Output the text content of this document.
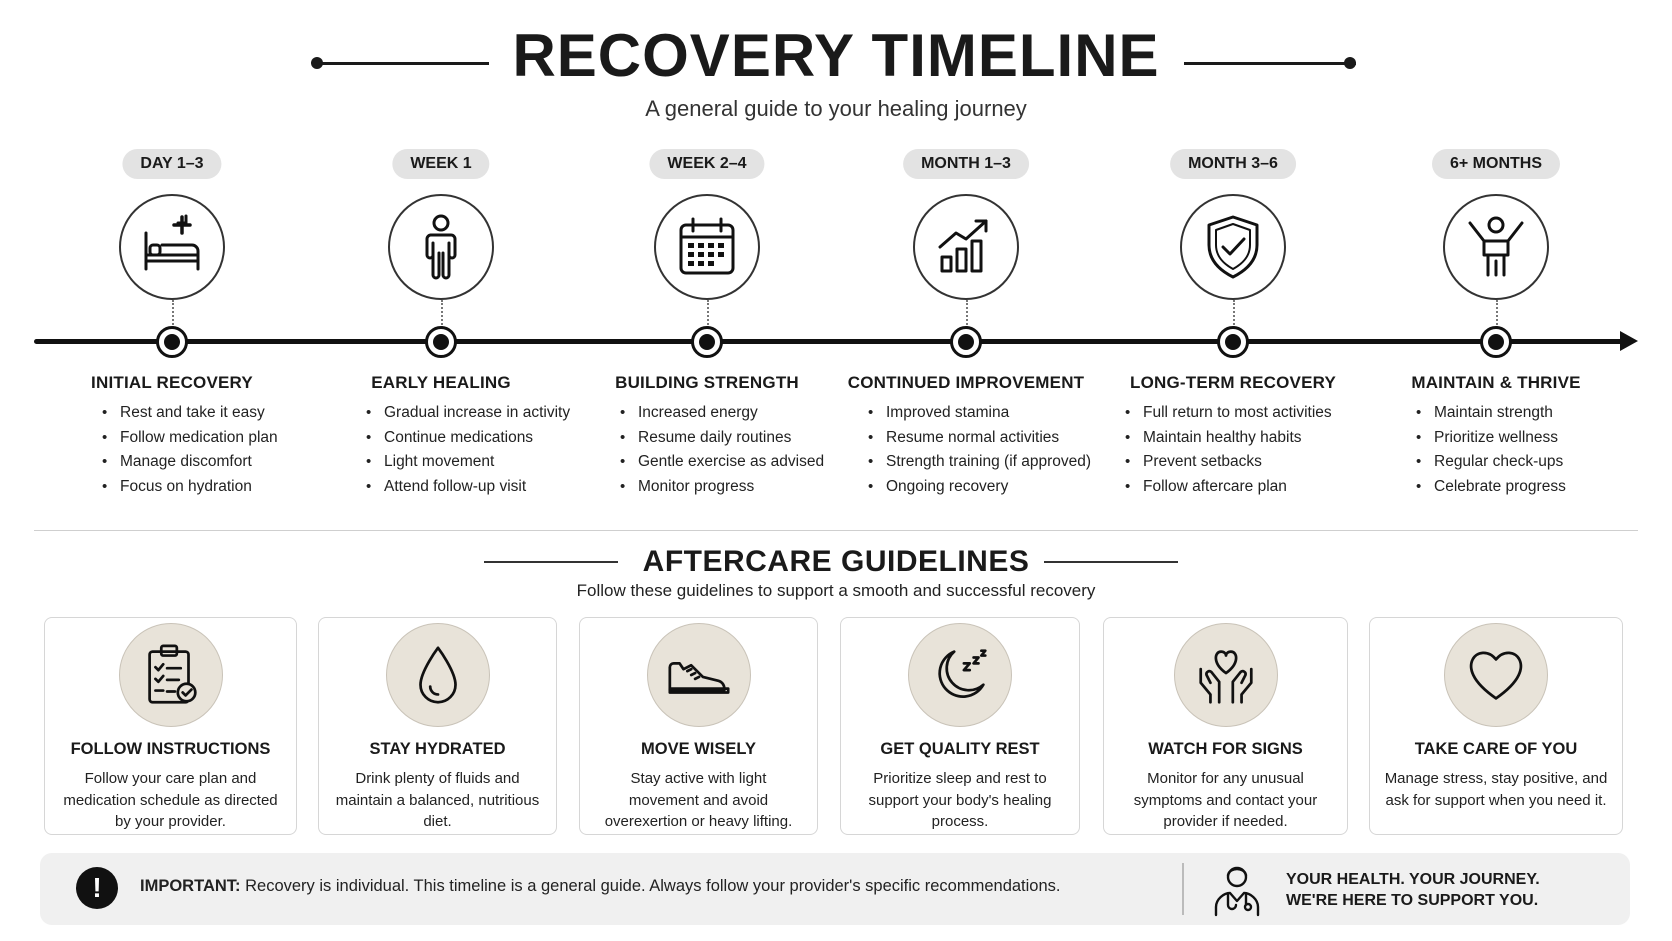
RECOVERY TIMELINE
A general guide to your healing journey
DAY 1–3
INITIAL RECOVERY
• Rest and take it easy
• Follow medication plan
• Manage discomfort
• Focus on hydration
WEEK 1
EARLY HEALING
• Gradual increase in activity
• Continue medications
• Light movement
• Attend follow-up visit
WEEK 2–4
BUILDING STRENGTH
• Increased energy
• Resume daily routines
• Gentle exercise as advised
• Monitor progress
MONTH 1–3
CONTINUED IMPROVEMENT
• Improved stamina
• Resume normal activities
• Strength training (if approved)
• Ongoing recovery
MONTH 3–6
LONG-TERM RECOVERY
• Full return to most activities
• Maintain healthy habits
• Prevent setbacks
• Follow aftercare plan
6+ MONTHS
MAINTAIN & THRIVE
• Maintain strength
• Prioritize wellness
• Regular check-ups
• Celebrate progress
AFTERCARE GUIDELINES
Follow these guidelines to support a smooth and successful recovery
FOLLOW INSTRUCTIONS
Follow your care plan and medication schedule as directed by your provider.
STAY HYDRATED
Drink plenty of fluids and maintain a balanced, nutritious diet.
MOVE WISELY
Stay active with light movement and avoid overexertion or heavy lifting.
GET QUALITY REST
Prioritize sleep and rest to support your body's healing process.
WATCH FOR SIGNS
Monitor for any unusual symptoms and contact your provider if needed.
TAKE CARE OF YOU
Manage stress, stay positive, and ask for support when you need it.
!	IMPORTANT: Recovery is individual. This timeline is a general guide. Always follow your provider's specific recommendations.	YOUR HEALTH. YOUR JOURNEY.
WE'RE HERE TO SUPPORT YOU.
